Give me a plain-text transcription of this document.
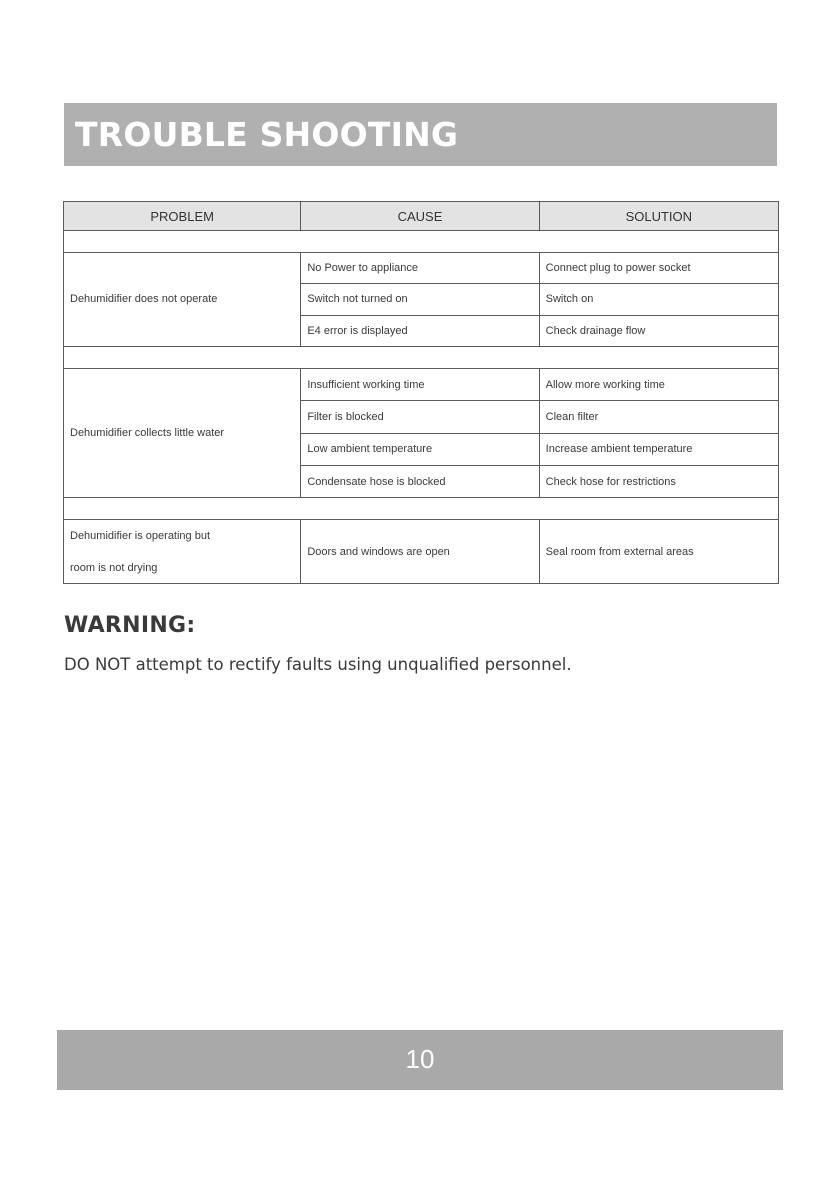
TROUBLE SHOOTING
PROBLEM	CAUSE	SOLUTION

Dehumidifier does not operate	No Power to appliance	Connect plug to power socket
	Switch not turned on	Switch on
	E4 error is displayed	Check drainage flow

Dehumidifier collects little water	Insufficient working time	Allow more working time
	Filter is blocked	Clean filter
	Low ambient temperature	Increase ambient temperature
	Condensate hose is blocked	Check hose for restrictions

Dehumidifier is operating but
room is not drying	Doors and windows are open	Seal room from external areas
WARNING:
DO NOT attempt to rectify faults using unqualified personnel.
10
